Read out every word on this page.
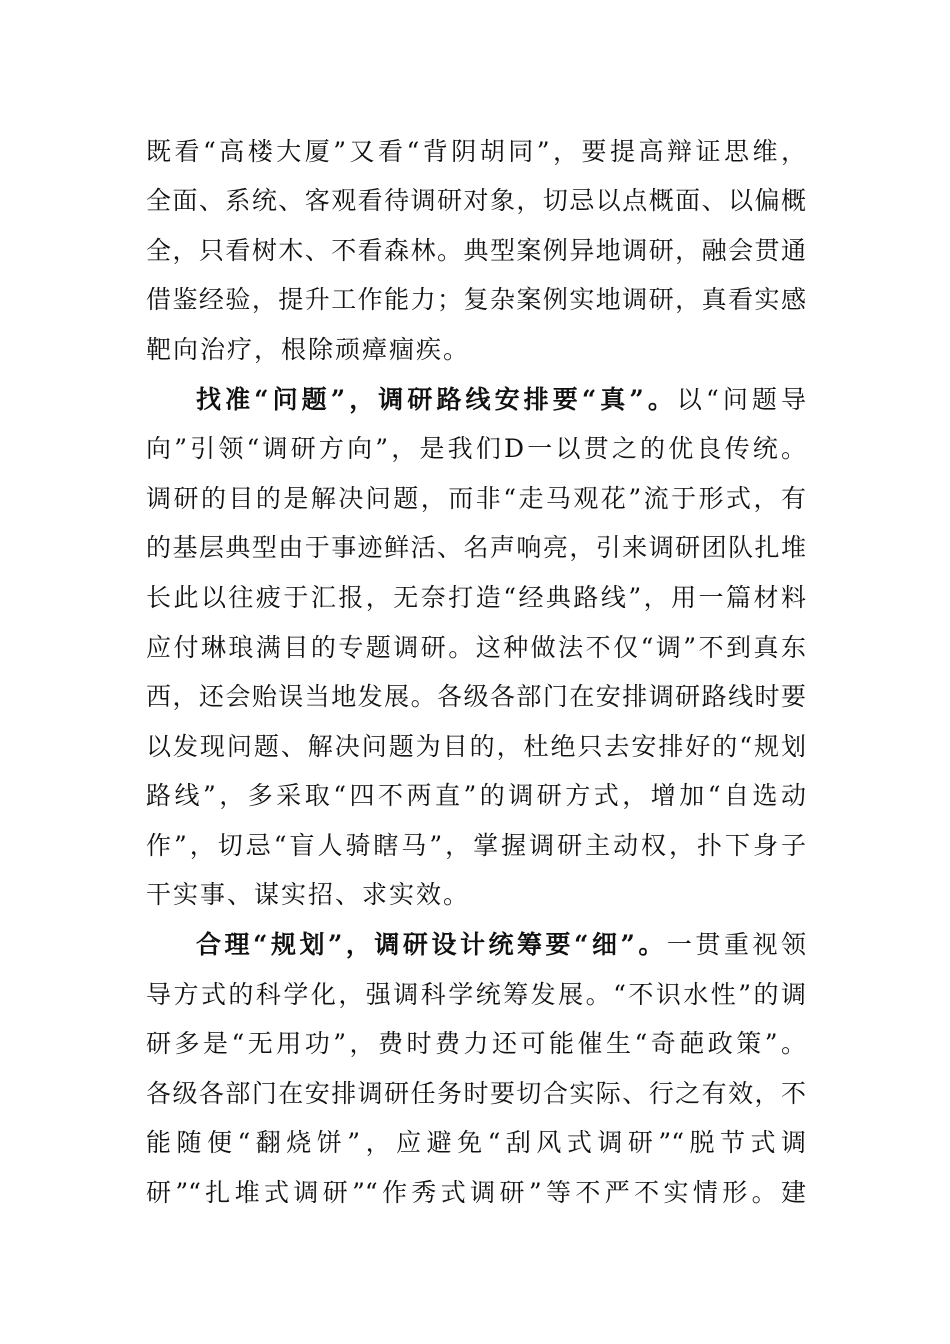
既看“高楼大厦”又看“背阴胡同”，要提高辩证思维，
全面、系统、客观看待调研对象，切忌以点概面、以偏概
全，只看树木、不看森林。典型案例异地调研，融会贯通
借鉴经验，提升工作能力；复杂案例实地调研，真看实感
靶向治疗，根除顽瘴痼疾。
找准“问题”，调研路线安排要“真”。以“问题导
向”引领“调研方向”，是我们D一以贯之的优良传统。
调研的目的是解决问题，而非“走马观花”流于形式，有
的基层典型由于事迹鲜活、名声响亮，引来调研团队扎堆
长此以往疲于汇报，无奈打造“经典路线”，用一篇材料
应付琳琅满目的专题调研。这种做法不仅“调”不到真东
西，还会贻误当地发展。各级各部门在安排调研路线时要
以发现问题、解决问题为目的，杜绝只去安排好的“规划
路线”，多采取“四不两直”的调研方式，增加“自选动
作”，切忌“盲人骑瞎马”，掌握调研主动权，扑下身子
干实事、谋实招、求实效。
合理“规划”，调研设计统筹要“细”。一贯重视领
导方式的科学化，强调科学统筹发展。“不识水性”的调
研多是“无用功”，费时费力还可能催生“奇葩政策”。
各级各部门在安排调研任务时要切合实际、行之有效，不
能随便“翻烧饼”，应避免“刮风式调研”“脱节式调
研”“扎堆式调研”“作秀式调研”等不严不实情形。建
